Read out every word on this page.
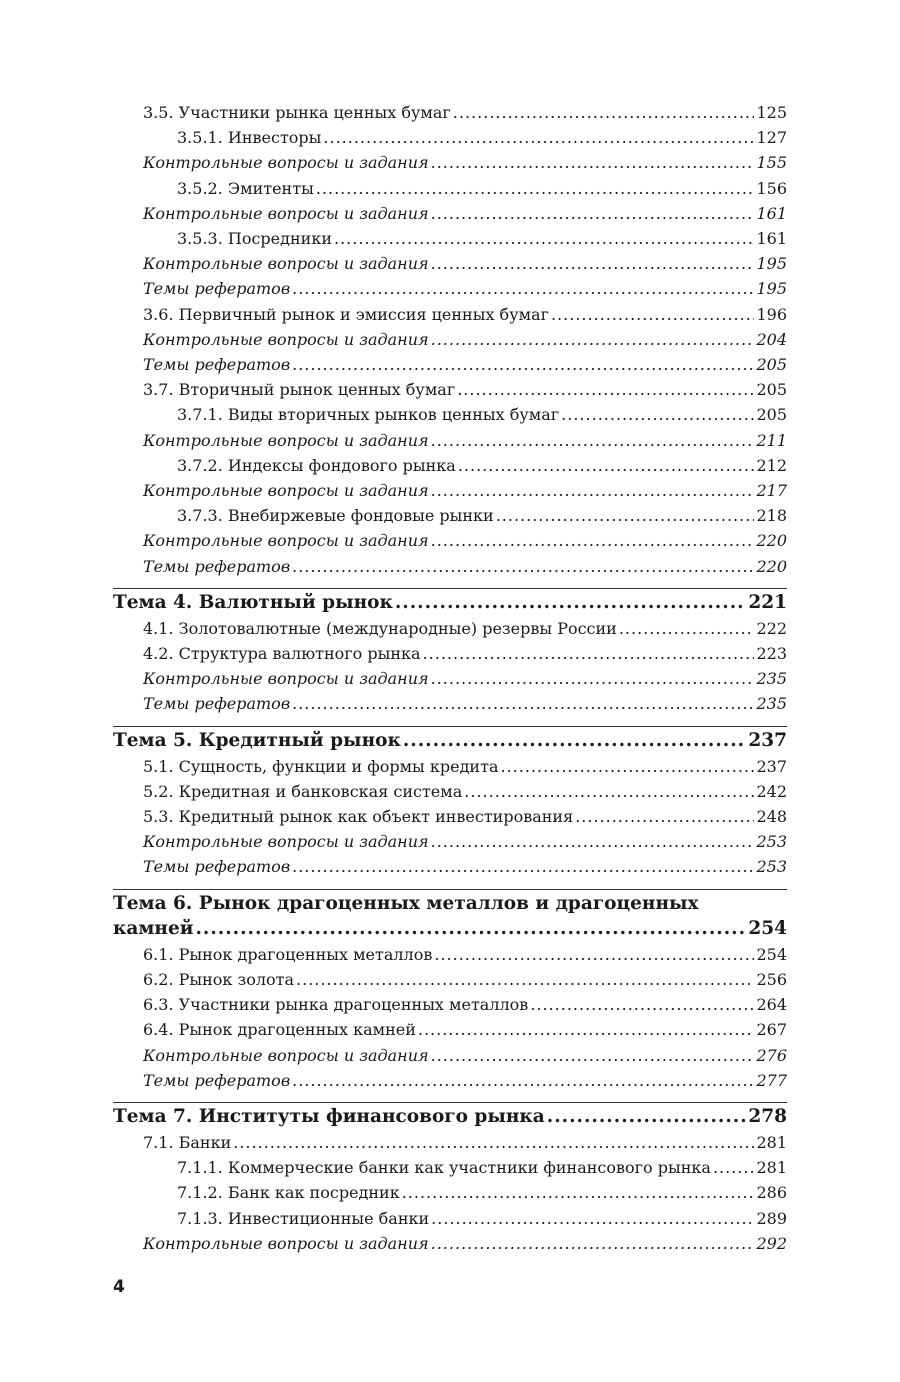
3.5. Участники рынка ценных бумаг .....	125
3.5.1. Инвесторы .....	127
Контрольные вопросы и задания .....	155
3.5.2. Эмитенты .....	156
Контрольные вопросы и задания .....	161
3.5.3. Посредники .....	161
Контрольные вопросы и задания .....	195
Темы рефератов .....	195
3.6. Первичный рынок и эмиссия ценных бумаг .....	196
Контрольные вопросы и задания .....	204
Темы рефератов .....	205
3.7. Вторичный рынок ценных бумаг .....	205
3.7.1. Виды вторичных рынков ценных бумаг .....	205
Контрольные вопросы и задания .....	211
3.7.2. Индексы фондового рынка .....	212
Контрольные вопросы и задания .....	217
3.7.3. Внебиржевые фондовые рынки .....	218
Контрольные вопросы и задания .....	220
Темы рефератов .....	220
Тема 4. Валютный рынок .....	221
4.1. Золотовалютные (международные) резервы России .....	222
4.2. Структура валютного рынка .....	223
Контрольные вопросы и задания .....	235
Темы рефератов .....	235
Тема 5. Кредитный рынок .....	237
5.1. Сущность, функции и формы кредита .....	237
5.2. Кредитная и банковская система .....	242
5.3. Кредитный рынок как объект инвестирования .....	248
Контрольные вопросы и задания .....	253
Темы рефератов .....	253
Тема 6. Рынок драгоценных металлов и драгоценных
камней .....	254
6.1. Рынок драгоценных металлов .....	254
6.2. Рынок золота .....	256
6.3. Участники рынка драгоценных металлов .....	264
6.4. Рынок драгоценных камней .....	267
Контрольные вопросы и задания .....	276
Темы рефератов .....	277
Тема 7. Институты финансового рынка .....	278
7.1. Банки .....	281
7.1.1. Коммерческие банки как участники финансового рынка .....	281
7.1.2. Банк как посредник .....	286
7.1.3. Инвестиционные банки .....	289
Контрольные вопросы и задания .....	292
4
